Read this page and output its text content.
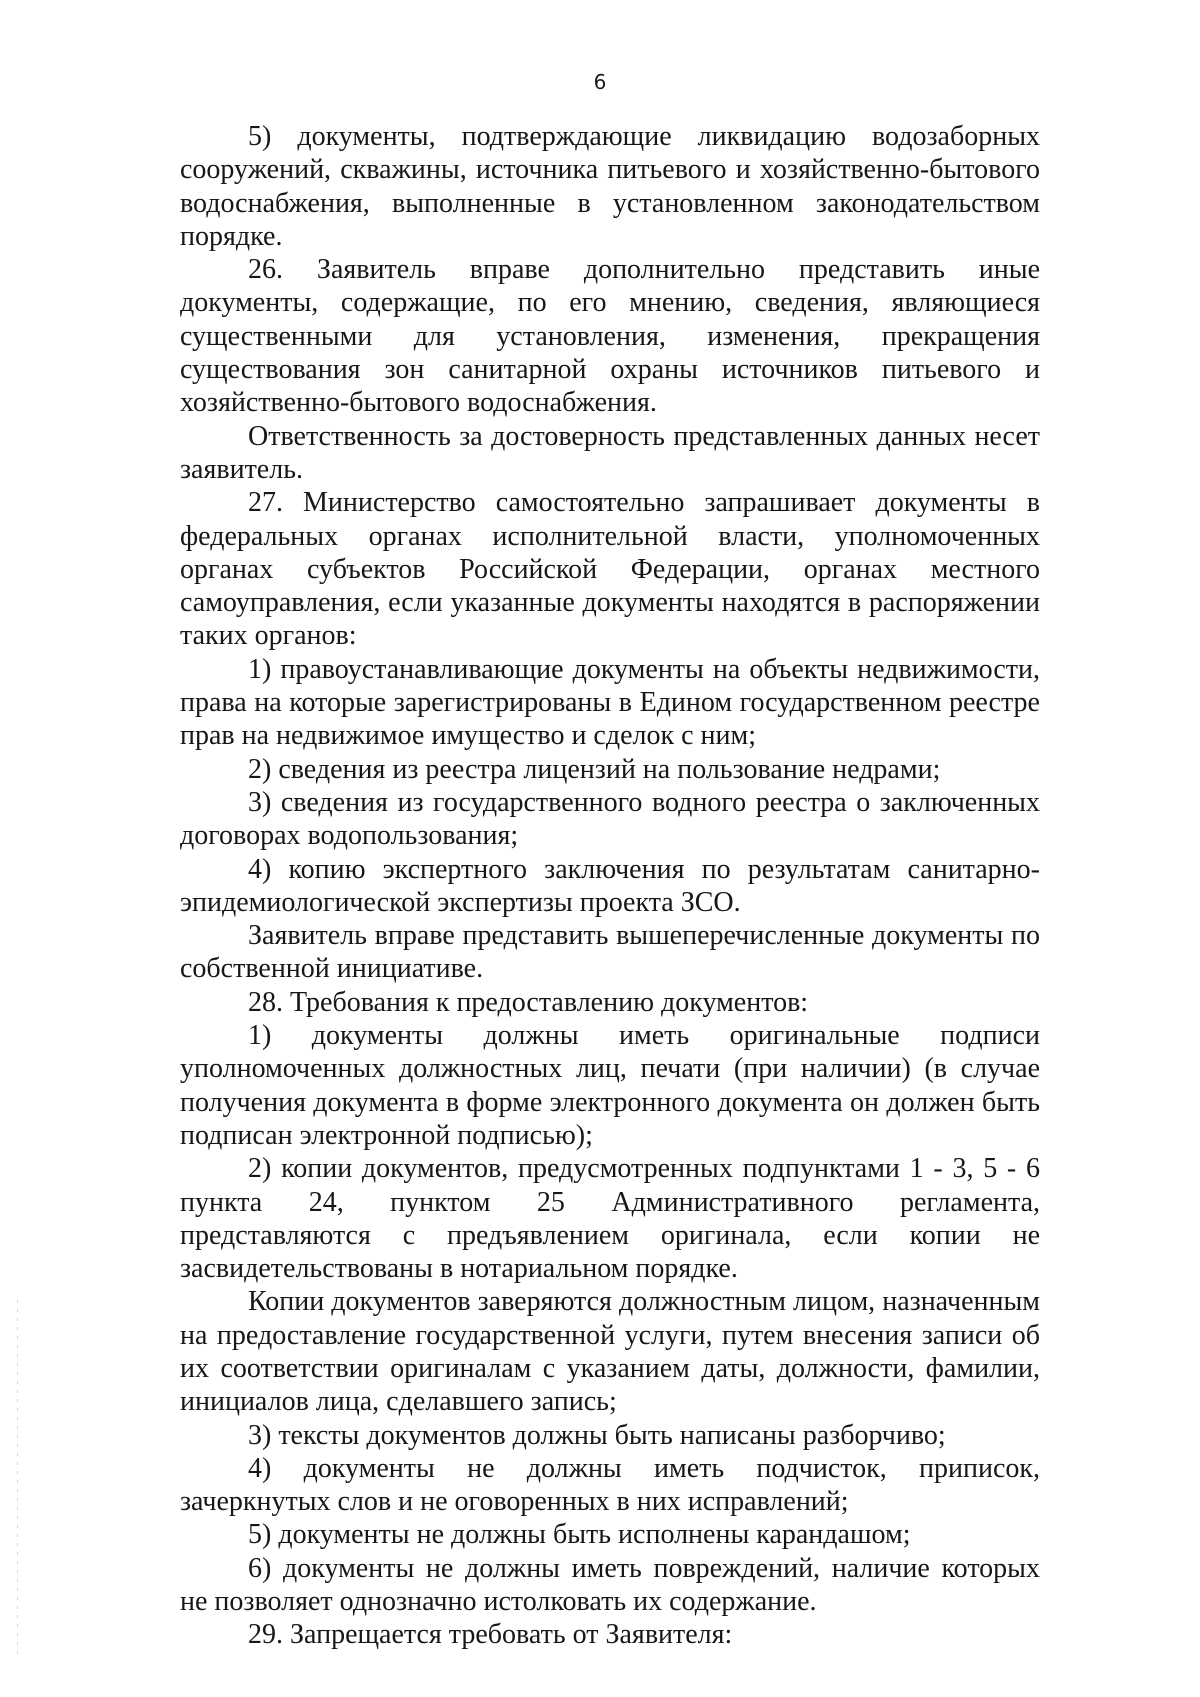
6

5) документы, подтверждающие ликвидацию водозаборных сооружений, скважины, источника питьевого и хозяйственно-бытового водоснабжения, выполненные в установленном законодательством порядке.

26. Заявитель вправе дополнительно представить иные документы, содержащие, по его мнению, сведения, являющиеся существенными для установления, изменения, прекращения существования зон санитарной охраны источников питьевого и хозяйственно-бытового водоснабжения.

Ответственность за достоверность представленных данных несет заявитель.

27. Министерство самостоятельно запрашивает документы в федеральных органах исполнительной власти, уполномоченных органах субъектов Российской Федерации, органах местного самоуправления, если указанные документы находятся в распоряжении таких органов:

1) правоустанавливающие документы на объекты недвижимости, права на которые зарегистрированы в Едином государственном реестре прав на недвижимое имущество и сделок с ним;

2) сведения из реестра лицензий на пользование недрами;

3) сведения из государственного водного реестра о заключенных договорах водопользования;

4) копию экспертного заключения по результатам санитарно-эпидемиологической экспертизы проекта ЗСО.

Заявитель вправе представить вышеперечисленные документы по собственной инициативе.

28. Требования к предоставлению документов:

1) документы должны иметь оригинальные подписи уполномоченных должностных лиц, печати (при наличии) (в случае получения документа в форме электронного документа он должен быть подписан электронной подписью);

2) копии документов, предусмотренных подпунктами 1 - 3, 5 - 6 пункта 24, пунктом 25 Административного регламента, представляются с предъявлением оригинала, если копии не засвидетельствованы в нотариальном порядке.

Копии документов заверяются должностным лицом, назначенным на предоставление государственной услуги, путем внесения записи об их соответствии оригиналам с указанием даты, должности, фамилии, инициалов лица, сделавшего запись;

3) тексты документов должны быть написаны разборчиво;

4) документы не должны иметь подчисток, приписок, зачеркнутых слов и не оговоренных в них исправлений;

5) документы не должны быть исполнены карандашом;

6) документы не должны иметь повреждений, наличие которых не позволяет однозначно истолковать их содержание.

29. Запрещается требовать от Заявителя:
